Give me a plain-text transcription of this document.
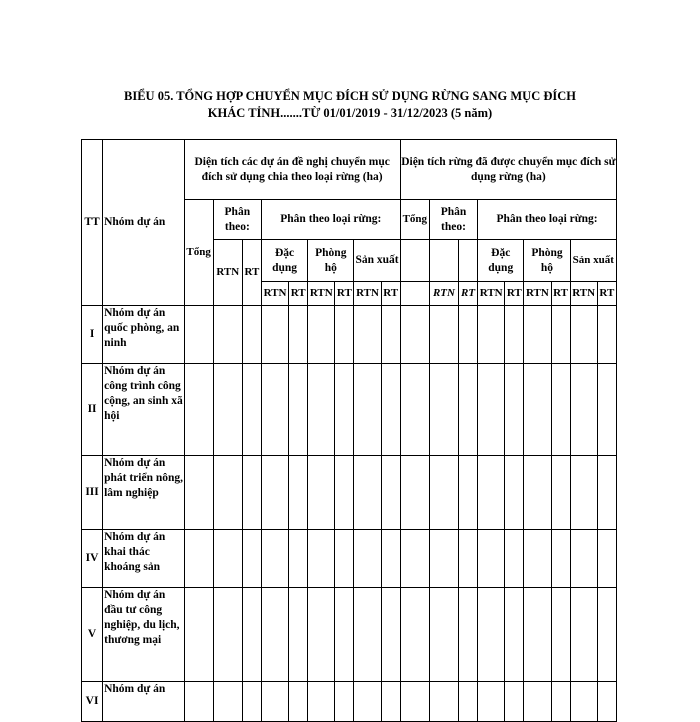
BIỂU 05. TỔNG HỢP CHUYỂN MỤC ĐÍCH SỬ DỤNG RỪNG SANG MỤC ĐÍCH
KHÁC TỈNH.......TỪ 01/01/2019 - 31/12/2023 (5 năm)
TT	Nhóm dự án	Diện tích các dự án đề nghị chuyển mục đích sử dụng chia theo loại rừng (ha)									Diện tích rừng đã được chuyển mục đích sử dụng rừng (ha)								
		Tổng	Phân theo:		Phân theo loại rừng:						Tổng	Phân theo:		Phân theo loại rừng:					
			RTN	RT	Đặc dụng		Phòng hộ		Sản xuất					Đặc dụng		Phòng hộ		Sản xuất	
					RTN	RT	RTN	RT	RTN	RT		RTN	RT	RTN	RT	RTN	RT	RTN	RT
I	Nhóm dự án quốc phòng, an ninh																		
II	Nhóm dự án công trình công cộng, an sinh xã hội																		
III	Nhóm dự án phát triển nông, lâm nghiệp																		
IV	Nhóm dự án khai thác khoáng sản																		
V	Nhóm dự án đầu tư công nghiệp, du lịch, thương mại																		
VI	Nhóm dự án																		
